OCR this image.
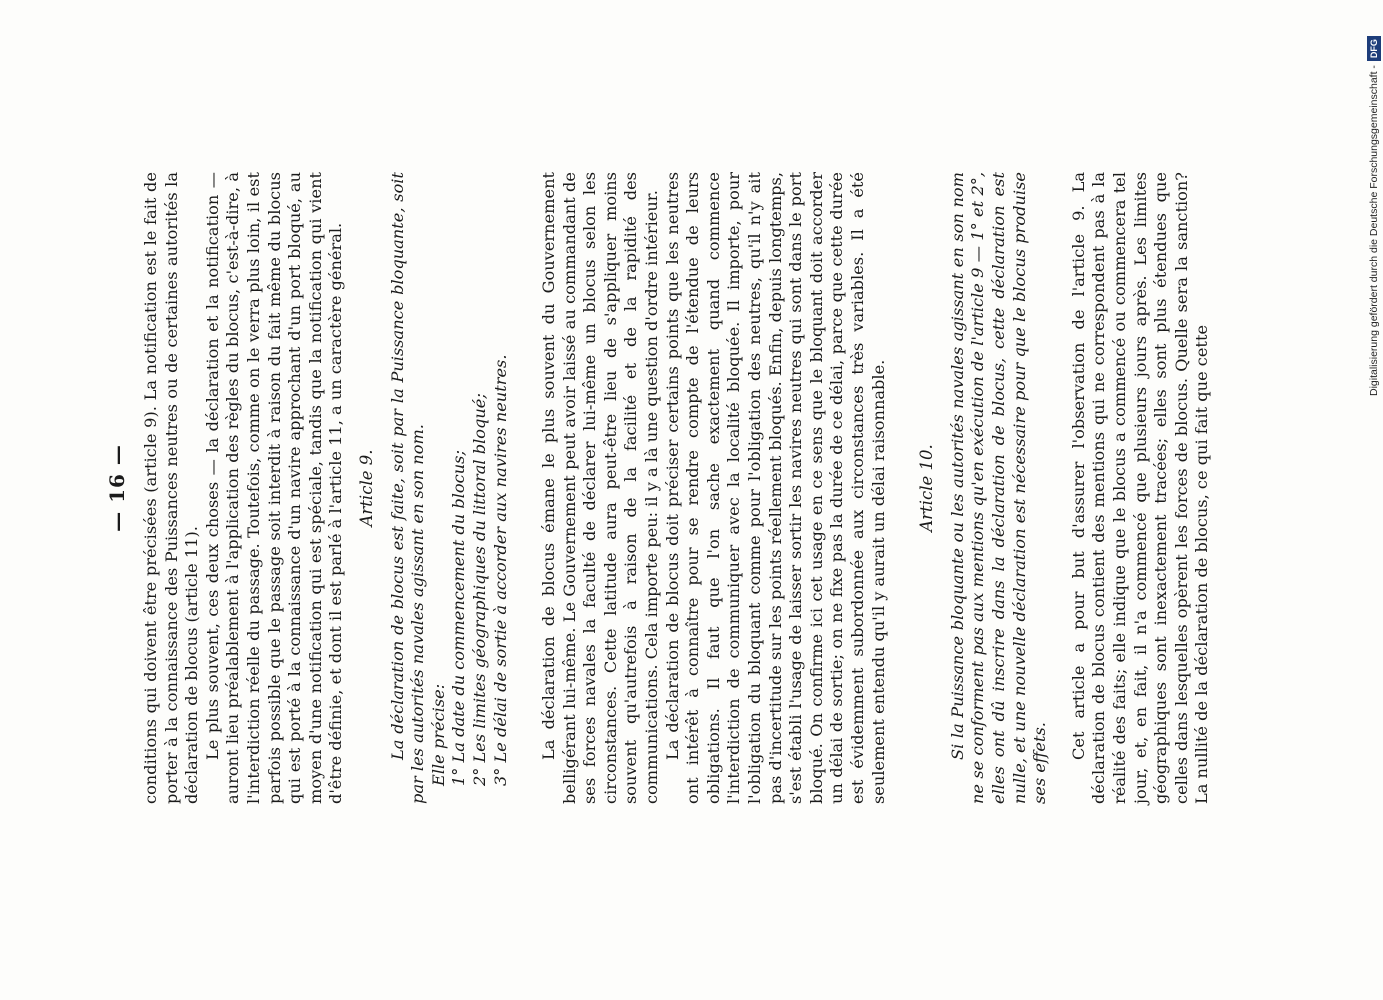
— 16 — conditions qui doivent être précisées (article 9). La notification est le fait de porter à la connaissance des Puissances neutres ou de certaines autorités la déclaration de blocus (article 11). Le plus souvent, ces deux choses — la déclaration et la notification — auront lieu préalablement à l'application des règles du blocus, c'est-à-dire, à l'interdiction réelle du passage. Toutefois, comme on le verra plus loin, il est parfois possible que le passage soit interdit à raison du fait même du blocus qui est porté à la connaissance d'un navire approchant d'un port bloqué, au moyen d'une notification qui est spéciale, tandis que la notification qui vient d'être définie, et dont il est parlé à l'article 11, a un caractère général. Article 9. La déclaration de blocus est faite, soit par la Puissance bloquante, soit par les autorités navales agissant en son nom. Elle précise: 1° La date du commencement du blocus; 2° Les limites géographiques du littoral bloqué; 3° Le délai de sortie à accorder aux navires neutres. La déclaration de blocus émane le plus souvent du Gouvernement belligérant lui-même. Le Gouvernement peut avoir laissé au commandant de ses forces navales la faculté de déclarer lui-même un blocus selon les circonstances. Cette latitude aura peut-être lieu de s'appliquer moins souvent qu'autrefois à raison de la facilité et de la rapidité des communications. Cela importe peu: il y a là une question d'ordre intérieur. La déclaration de blocus doit préciser certains points que les neutres ont intérêt à connaître pour se rendre compte de l'étendue de leurs obligations. Il faut que l'on sache exactement quand commence l'interdiction de communiquer avec la localité bloquée. Il importe, pour l'obligation du bloquant comme pour l'obligation des neutres, qu'il n'y ait pas d'incertitude sur les points réellement bloqués. Enfin, depuis longtemps, s'est établi l'usage de laisser sortir les navires neutres qui sont dans le port bloqué. On confirme ici cet usage en ce sens que le bloquant doit accorder un délai de sortie; on ne fixe pas la durée de ce délai, parce que cette durée est évidemment subordonnée aux circonstances très variables. Il a été seulement entendu qu'il y aurait un délai raisonnable. Article 10. Si la Puissance bloquante ou les autorités navales agissant en son nom ne se conforment pas aux mentions qu'en exécution de l'article 9 — 1° et 2°, elles ont dû inscrire dans la déclaration de blocus, cette déclaration est nulle, et une nouvelle déclaration est nécessaire pour que le blocus produise ses effets.

Cet article a pour but d'assurer l'observation de l'article 9. La déclaration de blocus contient des mentions qui ne correspondent pas à la réalité des faits; elle indique que le blocus a commencé ou commencera tel jour, et, en fait, il n'a commencé que plusieurs jours après. Les limites géographiques sont inexactement tracées; elles sont plus étendues que celles dans lesquelles opèrent les forces de blocus. Quelle sera la sanction? La nullité de la déclaration de blocus, ce qui fait que cette

Digitalisierung gefördert durch die Deutsche Forschungsgemeinschaft -DFG
